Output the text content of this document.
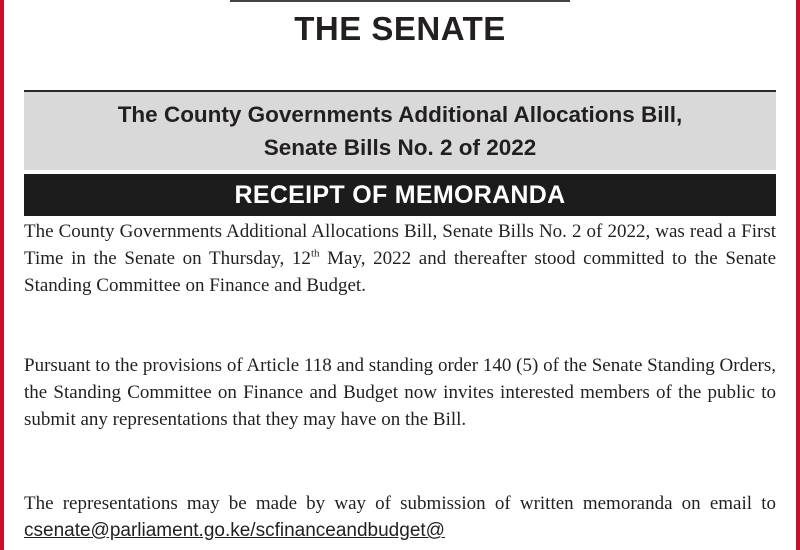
THE SENATE
The County Governments Additional Allocations Bill,
Senate Bills No. 2 of 2022
RECEIPT OF MEMORANDA

The County Governments Additional Allocations Bill, Senate Bills No. 2 of 2022, was read a First Time in the Senate on Thursday, 12th May, 2022 and thereafter stood committed to the Senate Standing Committee on Finance and Budget.

Pursuant to the provisions of Article 118 and standing order 140 (5) of the Senate Standing Orders, the Standing Committee on Finance and Budget now invites interested members of the public to submit any representations that they may have on the Bill.

The representations may be made by way of submission of written memoranda on email to csenate@parliament.go.ke/scfinanceandbudget@
